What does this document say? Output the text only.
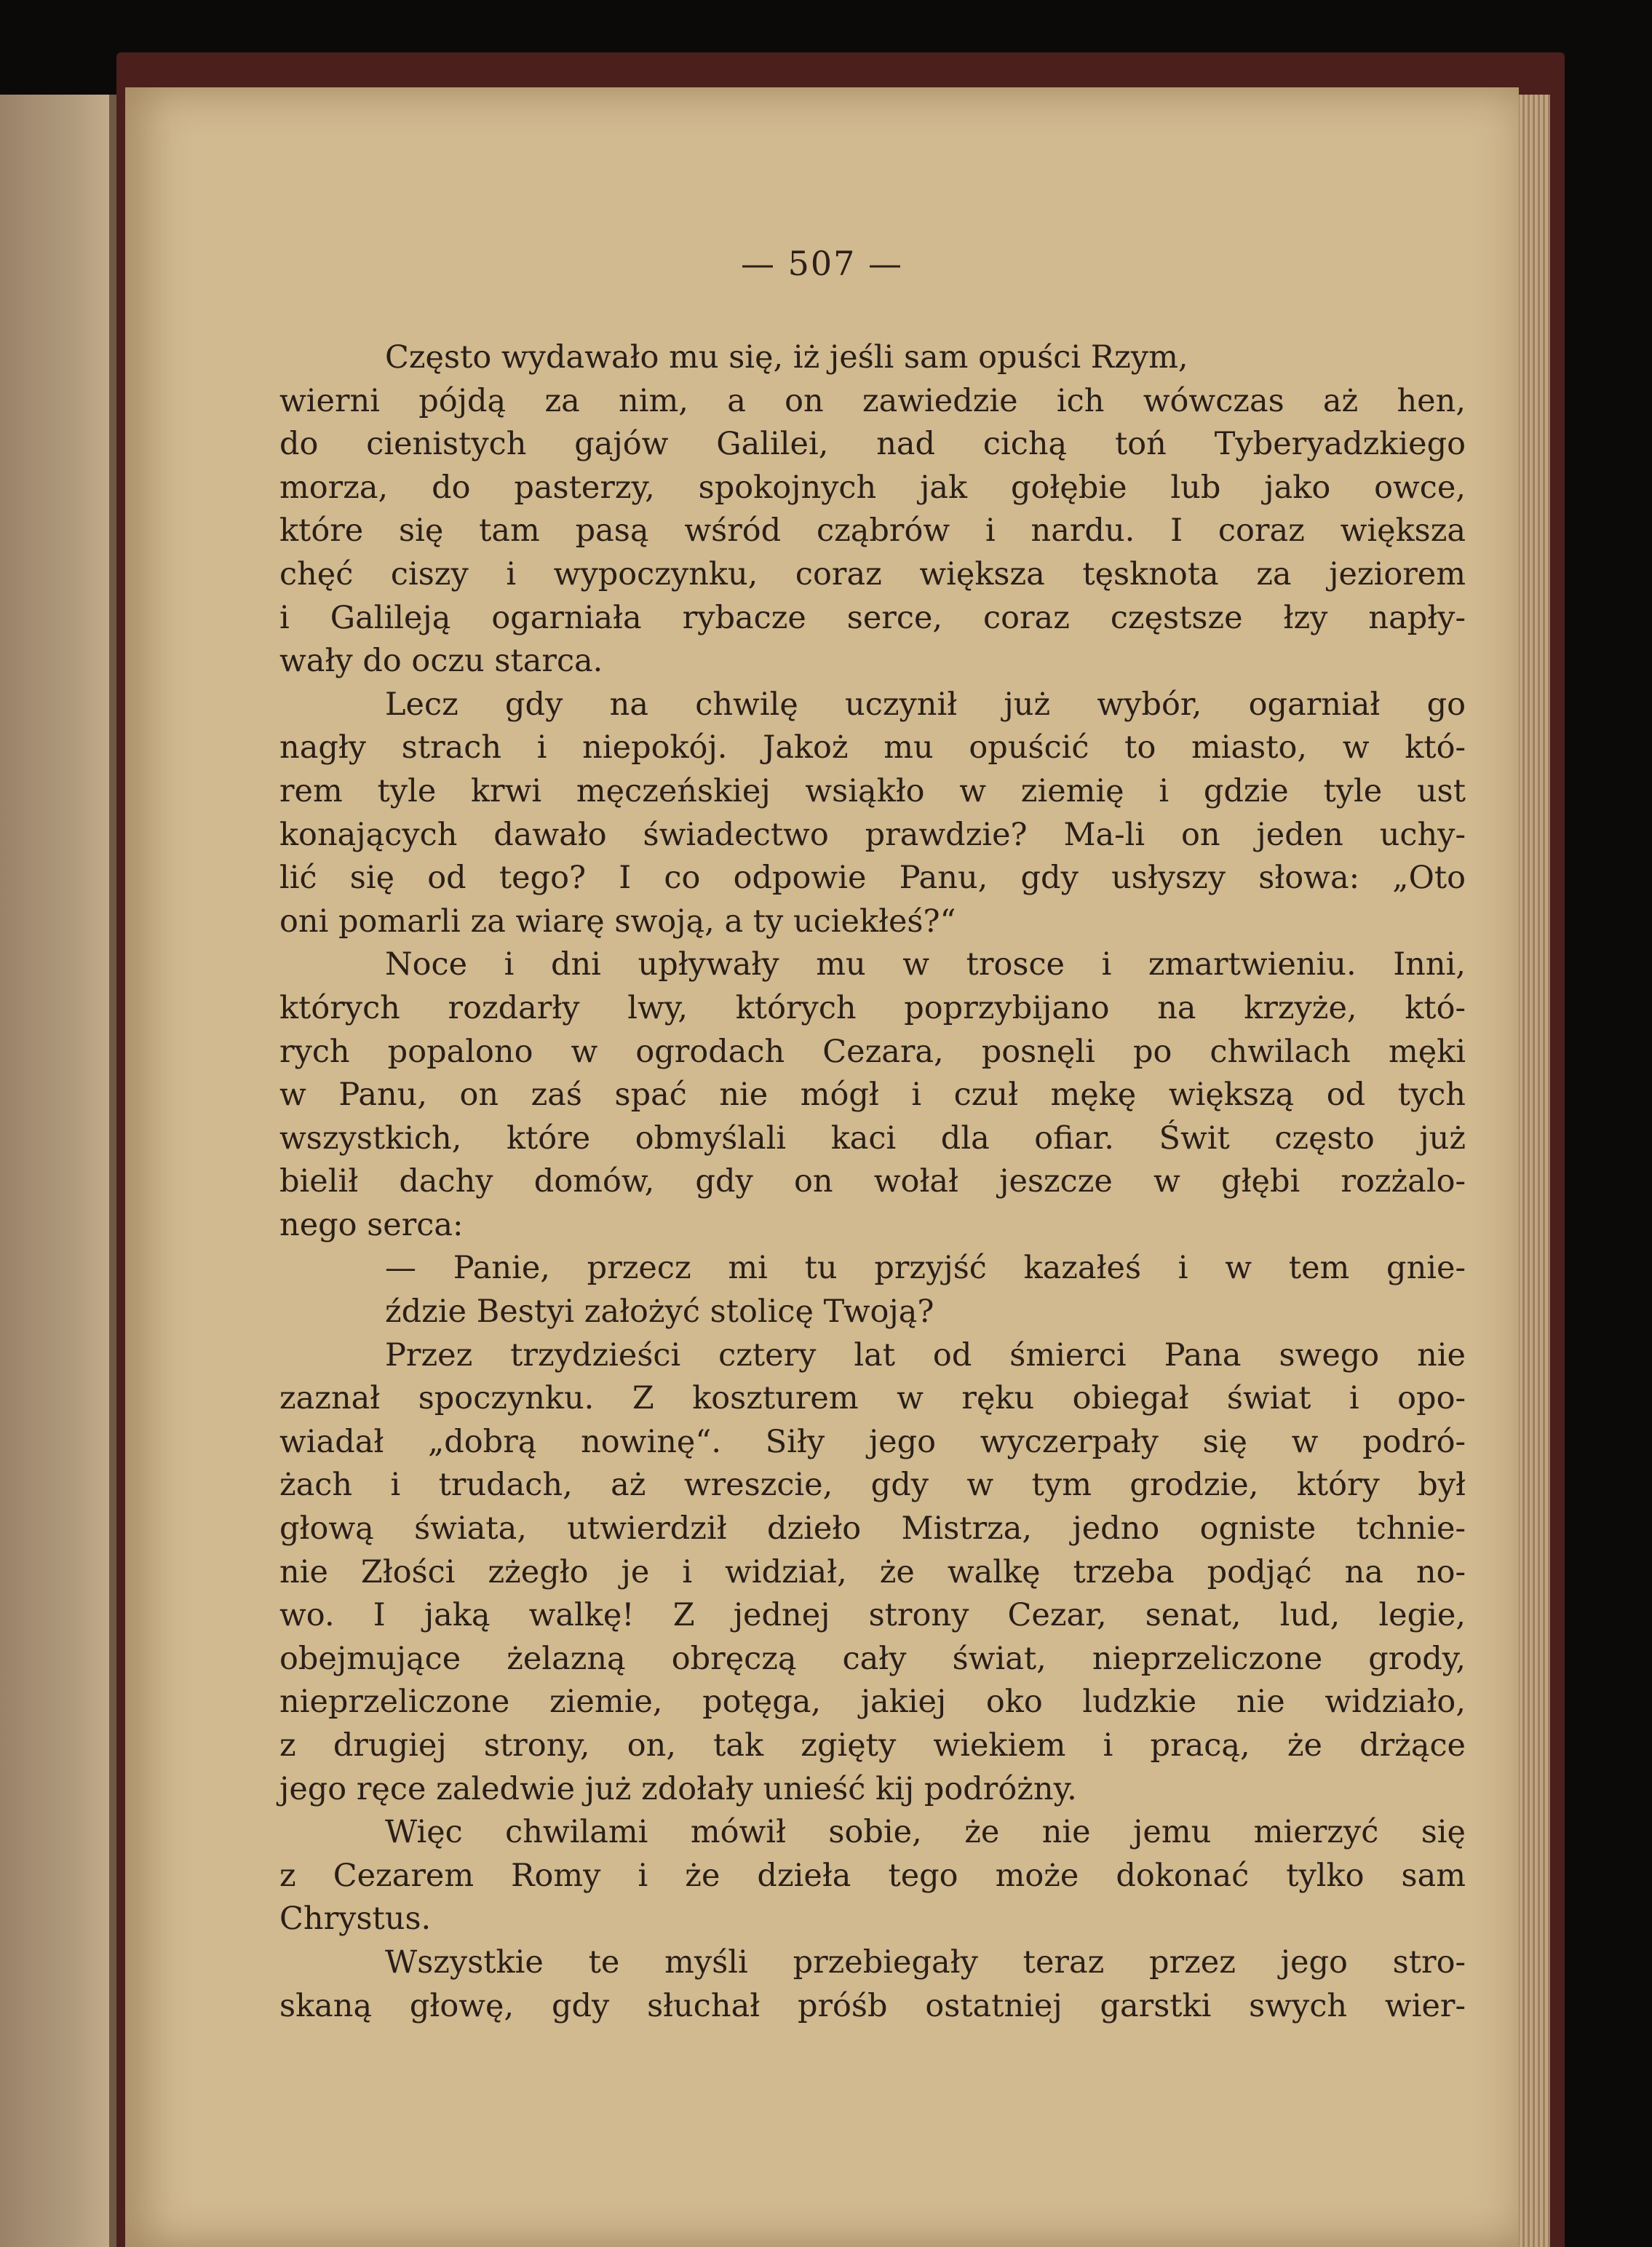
— 507 —
Często wydawało mu się, iż jeśli sam opuści Rzym,
wierni pójdą za nim, a on zawiedzie ich wówczas aż hen,
do cienistych gajów Galilei, nad cichą toń Tyberyadzkiego
morza, do pasterzy, spokojnych jak gołębie lub jako owce,
które się tam pasą wśród cząbrów i nardu. I coraz większa
chęć ciszy i wypoczynku, coraz większa tęsknota za jeziorem
i Galileją ogarniała rybacze serce, coraz częstsze łzy napły-
wały do oczu starca.
Lecz gdy na chwilę uczynił już wybór, ogarniał go
nagły strach i niepokój. Jakoż mu opuścić to miasto, w któ-
rem tyle krwi męczeńskiej wsiąkło w ziemię i gdzie tyle ust
konających dawało świadectwo prawdzie? Ma-li on jeden uchy-
lić się od tego? I co odpowie Panu, gdy usłyszy słowa: „Oto
oni pomarli za wiarę swoją, a ty uciekłeś?“
Noce i dni upływały mu w trosce i zmartwieniu. Inni,
których rozdarły lwy, których poprzybijano na krzyże, któ-
rych popalono w ogrodach Cezara, posnęli po chwilach męki
w Panu, on zaś spać nie mógł i czuł mękę większą od tych
wszystkich, które obmyślali kaci dla ofiar. Świt często już
bielił dachy domów, gdy on wołał jeszcze w głębi rozżalo-
nego serca:
— Panie, przecz mi tu przyjść kazałeś i w tem gnie-
ździe Bestyi założyć stolicę Twoją?
Przez trzydzieści cztery lat od śmierci Pana swego nie
zaznał spoczynku. Z koszturem w ręku obiegał świat i opo-
wiadał „dobrą nowinę“. Siły jego wyczerpały się w podró-
żach i trudach, aż wreszcie, gdy w tym grodzie, który był
głową świata, utwierdził dzieło Mistrza, jedno ogniste tchnie-
nie Złości zżegło je i widział, że walkę trzeba podjąć na no-
wo. I jaką walkę! Z jednej strony Cezar, senat, lud, legie,
obejmujące żelazną obręczą cały świat, nieprzeliczone grody,
nieprzeliczone ziemie, potęga, jakiej oko ludzkie nie widziało,
z drugiej strony, on, tak zgięty wiekiem i pracą, że drżące
jego ręce zaledwie już zdołały unieść kij podróżny.
Więc chwilami mówił sobie, że nie jemu mierzyć się
z Cezarem Romy i że dzieła tego może dokonać tylko sam
Chrystus.
Wszystkie te myśli przebiegały teraz przez jego stro-
skaną głowę, gdy słuchał próśb ostatniej garstki swych wier-
